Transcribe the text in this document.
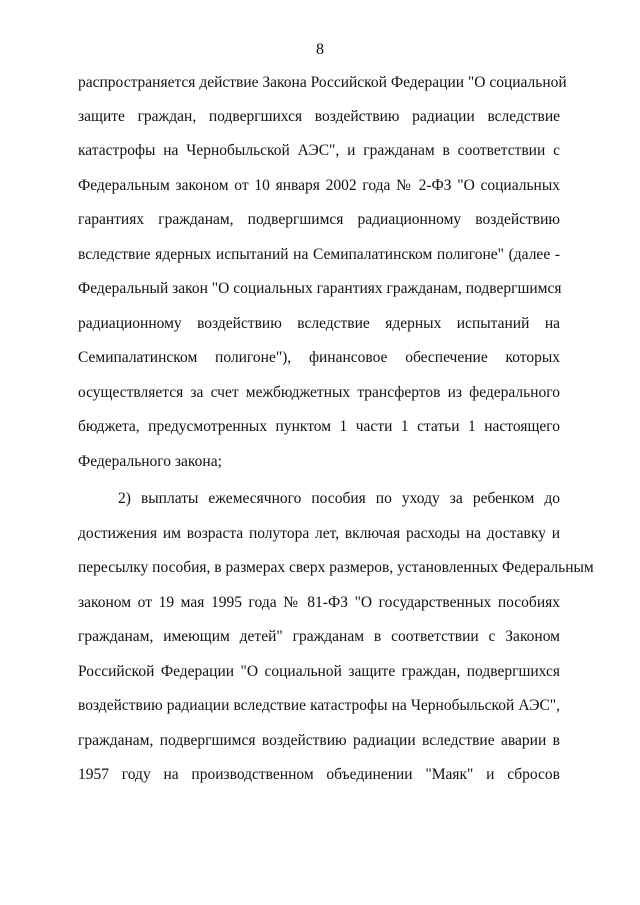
8
распространяется действие Закона Российской Федерации "О социальной
защите граждан, подвергшихся воздействию радиации вследствие
катастрофы на Чернобыльской АЭС", и гражданам в соответствии с
Федеральным законом от 10 января 2002 года № 2-ФЗ "О социальных
гарантиях гражданам, подвергшимся радиационному воздействию
вследствие ядерных испытаний на Семипалатинском полигоне" (далее -
Федеральный закон "О социальных гарантиях гражданам, подвергшимся
радиационному воздействию вследствие ядерных испытаний на
Семипалатинском полигоне"), финансовое обеспечение которых
осуществляется за счет межбюджетных трансфертов из федерального
бюджета, предусмотренных пунктом 1 части 1 статьи 1 настоящего
Федерального закона;
2) выплаты ежемесячного пособия по уходу за ребенком до
достижения им возраста полутора лет, включая расходы на доставку и
пересылку пособия, в размерах сверх размеров, установленных Федеральным
законом от 19 мая 1995 года № 81-ФЗ "О государственных пособиях
гражданам, имеющим детей" гражданам в соответствии с Законом
Российской Федерации "О социальной защите граждан, подвергшихся
воздействию радиации вследствие катастрофы на Чернобыльской АЭС",
гражданам, подвергшимся воздействию радиации вследствие аварии в
1957 году на производственном объединении "Маяк" и сбросов
